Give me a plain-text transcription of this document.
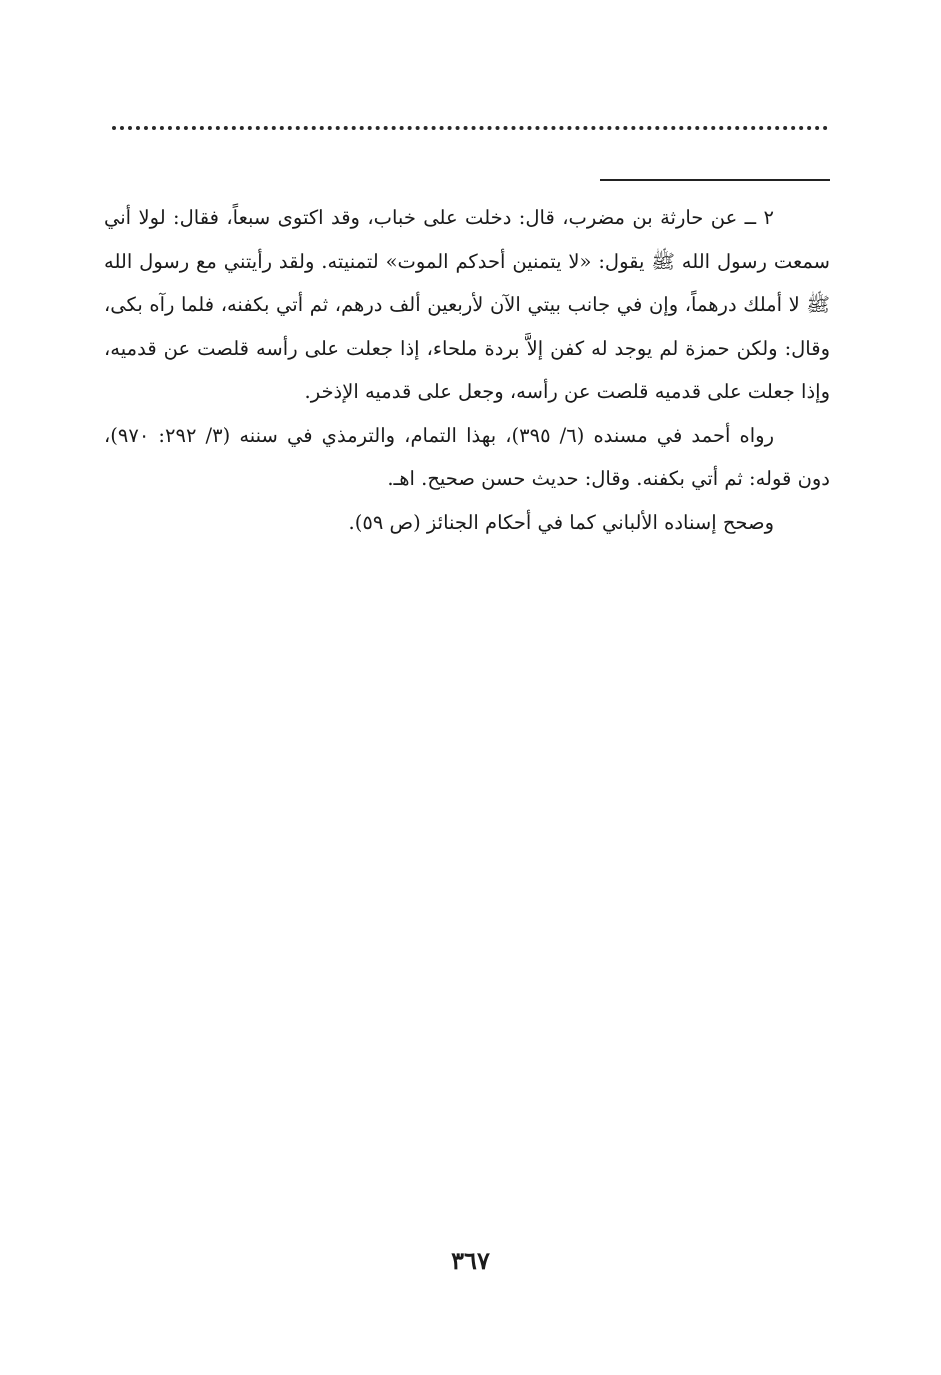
٢ ــ عن حارثة بن مضرب، قال: دخلت على خباب، وقد اكتوى سبعاً، فقال: لولا أني سمعت رسول الله ﷺ يقول: «لا يتمنين أحدكم الموت» لتمنيته. ولقد رأيتني مع رسول الله ﷺ لا أملك درهماً، وإن في جانب بيتي الآن لأربعين ألف درهم، ثم أتي بكفنه، فلما رآه بكى، وقال: ولكن حمزة لم يوجد له كفن إلاَّ بردة ملحاء، إذا جعلت على رأسه قلصت عن قدميه، وإذا جعلت على قدميه قلصت عن رأسه، وجعل على قدميه الإذخر.

رواه أحمد في مسنده (٦/ ٣٩٥)، بهذا التمام، والترمذي في سننه (٣/ ٢٩٢: ٩٧٠)، دون قوله: ثم أتي بكفنه. وقال: حديث حسن صحيح. اهـ.

وصحح إسناده الألباني كما في أحكام الجنائز (ص ٥٩).

٣٦٧
